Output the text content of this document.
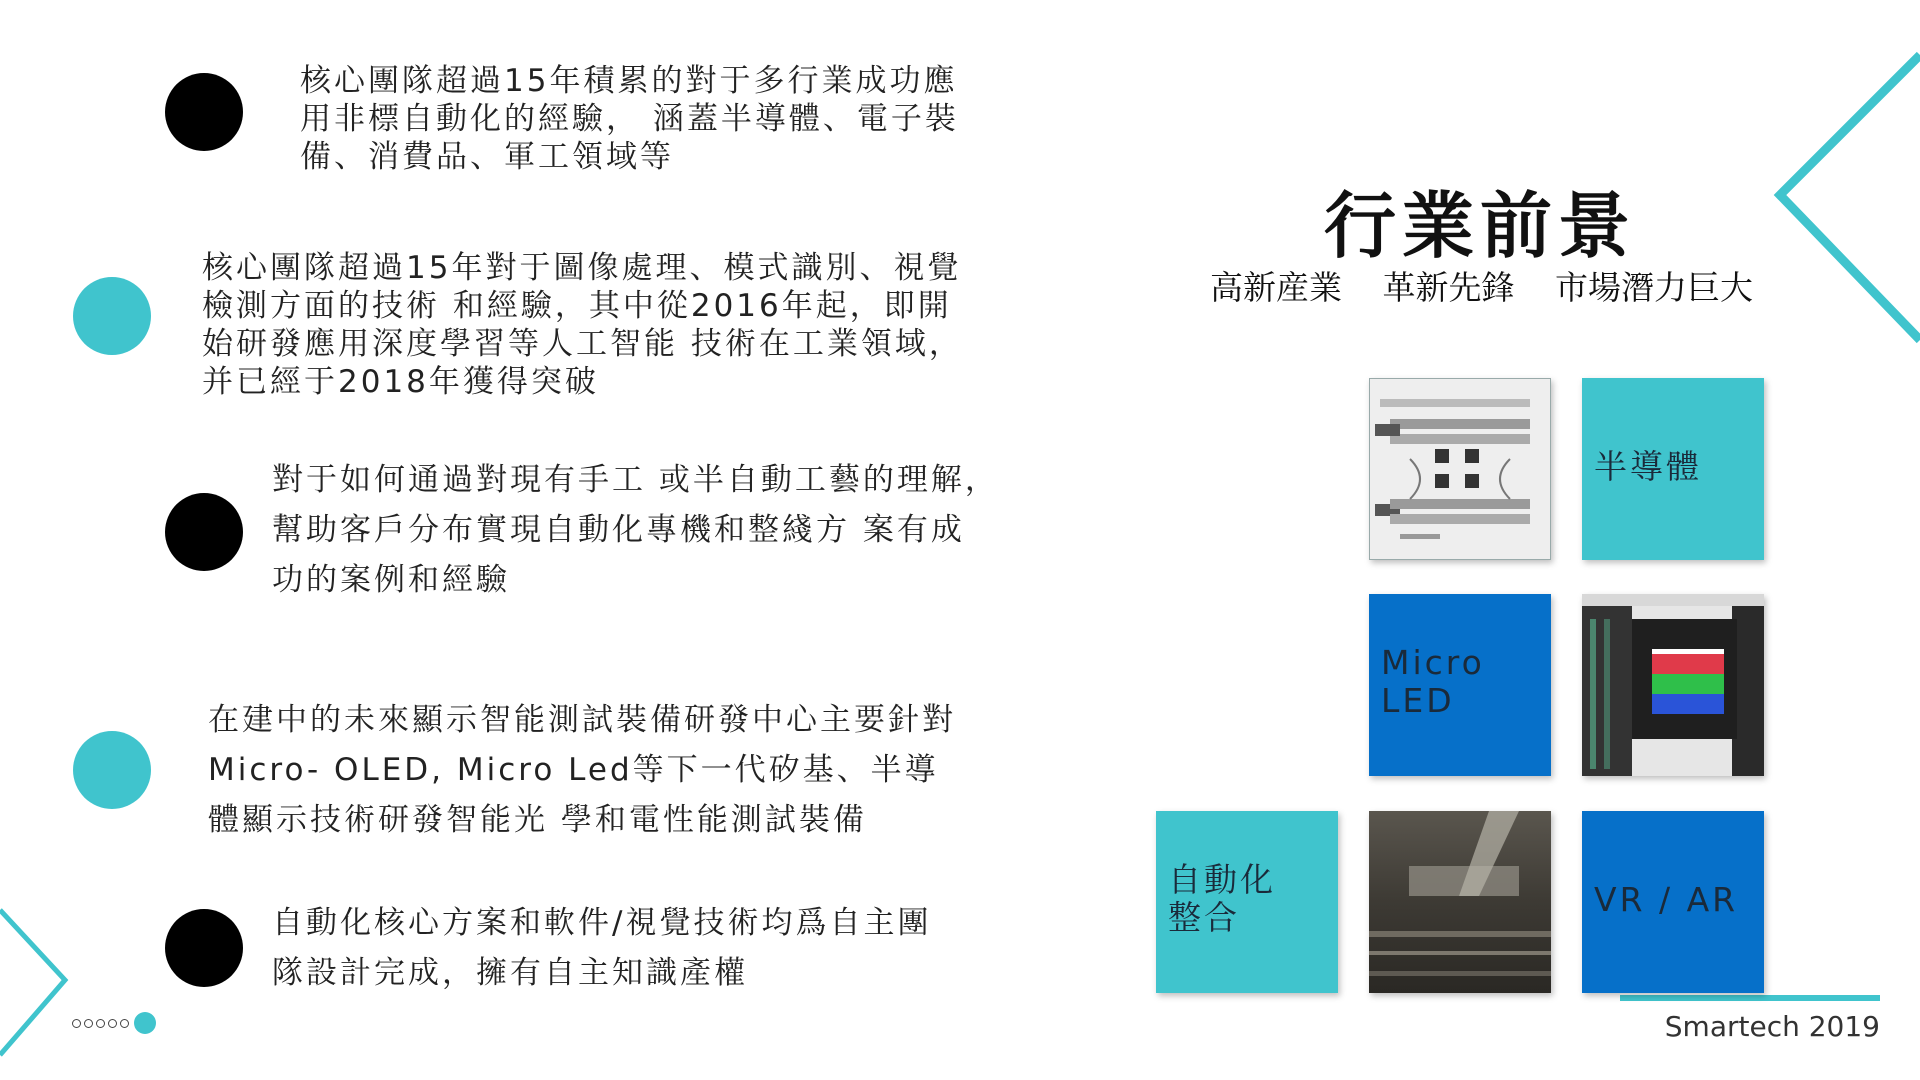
核心團隊超過15年積累的對于多行業成功應
用非標自動化的經驗， 涵蓋半導體、電子裝
備、消費品、軍工領域等
核心團隊超過15年對于圖像處理、模式識別、視覺
檢測方面的技術 和經驗，其中從2016年起，即開
始研發應用深度學習等人工智能 技術在工業領域，
并已經于2018年獲得突破
對于如何通過對現有手工 或半自動工藝的理解，
幫助客戶分布實現自動化專機和整綫方 案有成
功的案例和經驗
在建中的未來顯示智能測試裝備研發中心主要針對
Micro- OLED, Micro Led等下一代矽基、半導
體顯示技術研發智能光 學和電性能測試裝備
自動化核心方案和軟件/視覺技術均爲自主團
隊設計完成，擁有自主知識產權
行業前景
高新産業 革新先鋒 市場潛力巨大
半導體
Micro
LED
自動化
整合	VR / AR
Smartech 2019
